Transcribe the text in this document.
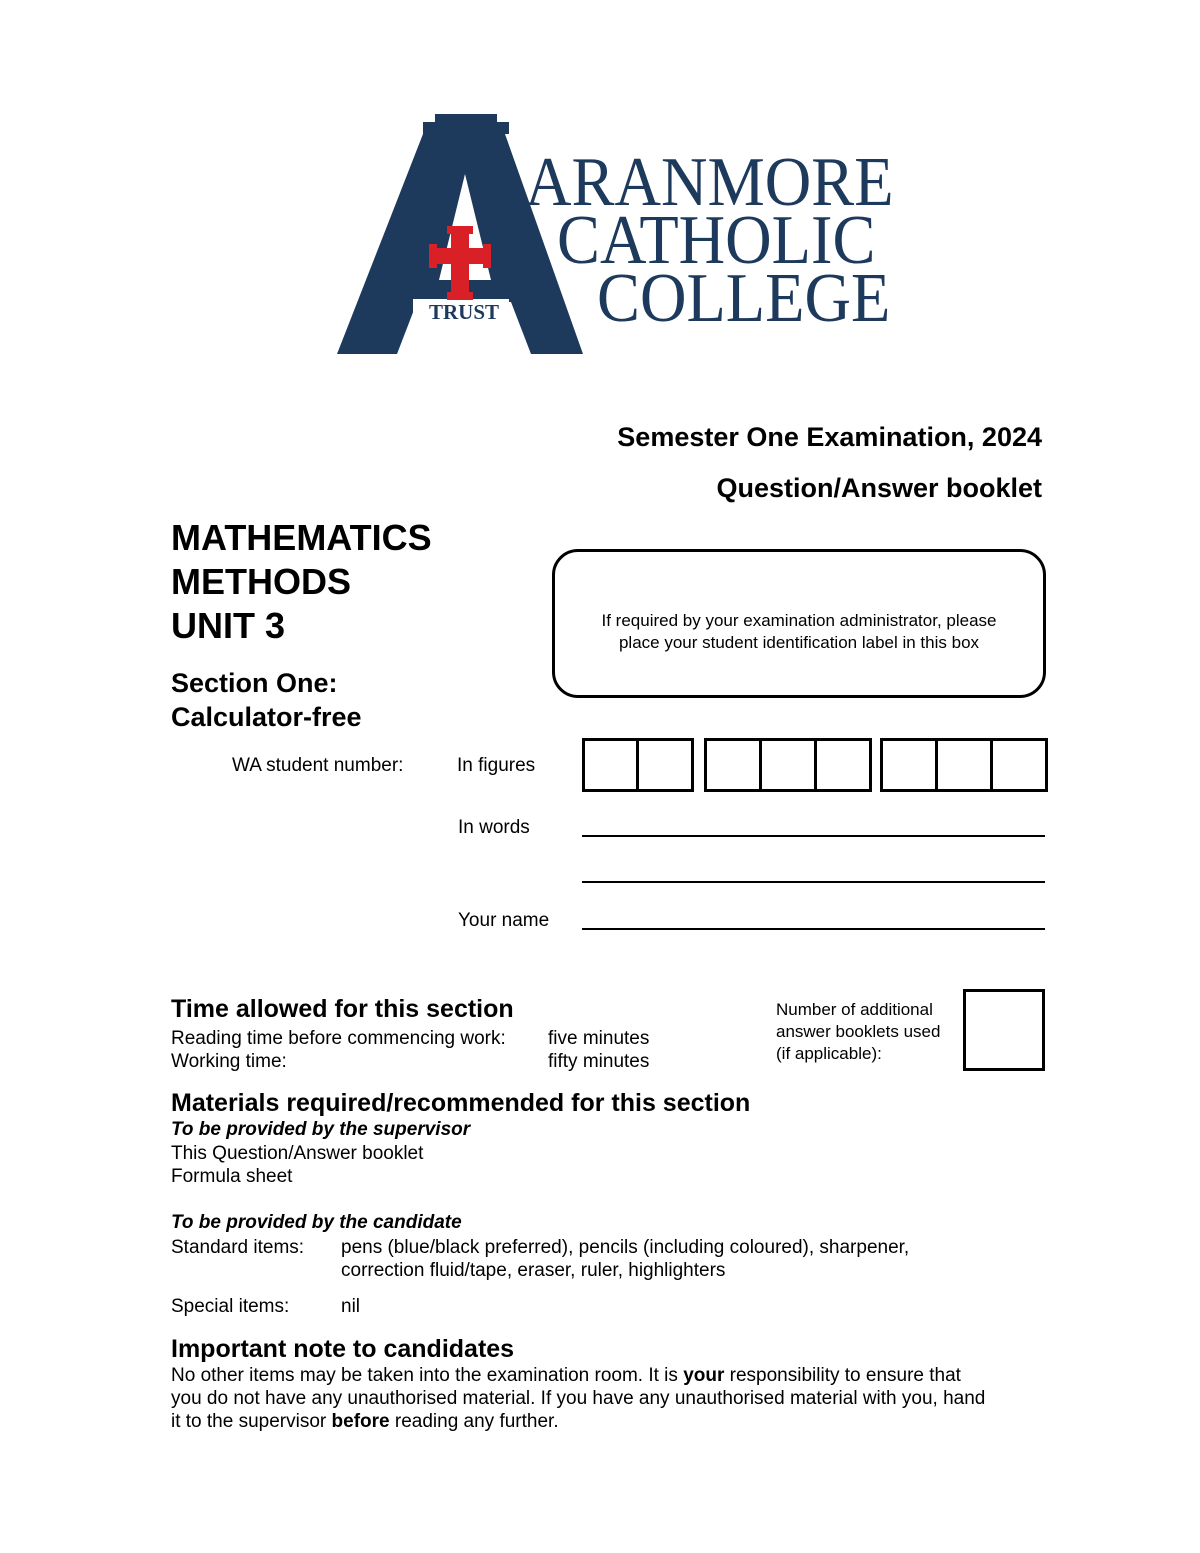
TRUST
ARANMORE
CATHOLIC
COLLEGE
Semester One Examination, 2024
Question/Answer booklet
MATHEMATICS
METHODS
UNIT 3
Section One:
Calculator-free
If required by your examination administrator, please
place your student identification label in this box
WA student number:	In figures
In words
Your name
Time allowed for this section
Reading time before commencing work: five minutes
Working time:	fifty minutes
Number of additional
answer booklets used
(if applicable):
Materials required/recommended for this section
To be provided by the supervisor
This Question/Answer booklet
Formula sheet
To be provided by the candidate
Standard items: pens (blue/black preferred), pencils (including coloured), sharpener,
correction fluid/tape, eraser, ruler, highlighters
Special items:	nil
Important note to candidates
No other items may be taken into the examination room. It is your responsibility to ensure that
you do not have any unauthorised material. If you have any unauthorised material with you, hand
it to the supervisor before reading any further.
